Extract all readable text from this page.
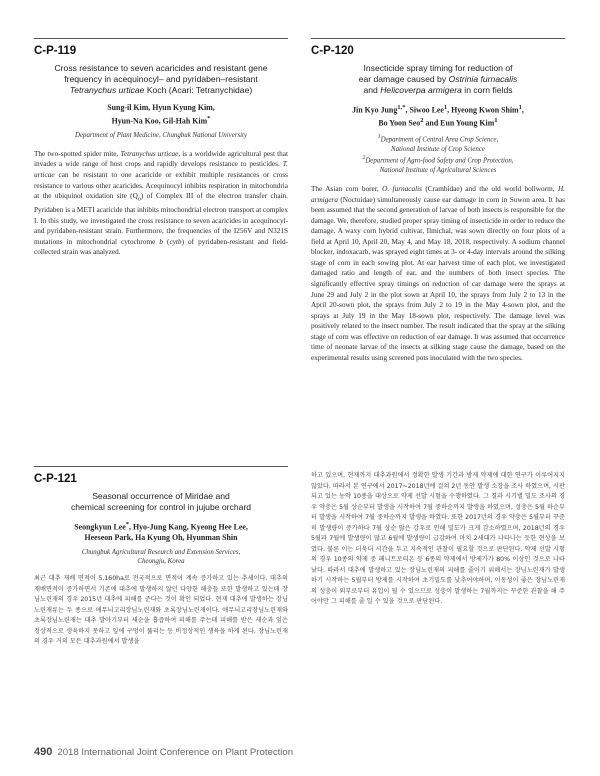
C-P-119
Cross resistance to seven acaricides and resistant gene
frequency in acequinocyl– and pyridaben–resistant
Tetranychus urticae Koch (Acari: Tetranychidae)
Sung-il Kim, Hyun Kyung Kim,
Hyun-Na Koo, Gil-Hah Kim*
Department of Plant Medicine, Chungbuk National University
The two-spotted spider mite, Tetranychus urticae, is a worldwide agricultural pest that invades a wide range of host crops and rapidly develops resistance to pesticides. T. urticae can be resistant to one acaricide or exhibit multiple resistances or cross resistance to various other acaricides. Acequinocyl inhibits respiration in mitochondria at the ubiquinol oxidation site $(Q_o)$ of Complex III of the electron transfer chain. Pyridaben is a METI acaricide that inhibits mitochondrial electron transport at complex I. In this study, we investigated the cross resistance to seven acaricides in acequinocyl- and pyridaben-resistant strain. Furthermore, the frequencies of the I256V and N321S mutations in mitochondrial cytochrome b (cytb) of pyridaben-resistant and field-collected strain was analyzed.
C-P-120
Insecticide spray timing for reduction of
ear damage caused by Ostrinia furnacalis
and Helicoverpa armigera in corn fields
Jin Kyo Jung$^{1,*}$, Siwoo Lee$^1$, Hyeong Kwon Shim$^1$,
Bo Yoon Seo$^2$ and Eun Young Kim$^1$
$^1$Department of Central Area Crop Science,
National Institute of Crop Science
$^2$Department of Agro-food Safety and Crop Protection,
National Institute of Agricultural Sciences
The Asian corn borer, O. furnacalis (Crambidae) and the old world bollworm, H. armigera (Noctuidae) simultaneously cause ear damage in corn in Suwon area. It has been assumed that the second generation of larvae of both insects is responsible for the damage. We, therefore, studied proper spray timing of insecticide in order to reduce the damage. A waxy corn hybrid cultivar, Ilmichal, was sown directly on four plots of a field at April 10, April 20, May 4, and May 18, 2018, respectively. A sodium channel blocker, indoxacarb, was sprayed eight times at 3- or 4-day intervals around the silking stage of corn in each sowing plot. At ear harvest time of each plot, we investigated damaged ratio and length of ear, and the numbers of both insect species. The significantly effective spray timings on reduction of car damage were the sprays at June 29 and July 2 in the plot sown at April 10, the sprays from July 2 to 13 in the April 20-sown plot, the sprays from July 2 to 19 in the May 4-sown plot, and the sprays at July 19 in the May 18-sown plot, respectively. The damage level was positively related to the insect number. The result indicated that the spray at the silking stage of corn was effective on reduction of ear damage. It was assumed that occurrence time of neonate larvae of the insects at silking stage cause the damage, based on the experimental results using screened pots inoculated with the two species.
C-P-121
Seasonal occurrence of Miridae and
chemical screening for control in jujube orchard
Seongkyun Lee*, Hyo-Jung Kang, Kyeong Hee Lee,
Heeseon Park, Ha Kyung Oh, Hyunman Shin
Chungbuk Agricultural Research and Extension Services,
Cheongju, Korea
최근 대추 재배 면적이 5,160ha로 전국적으로 면적이 계속 증가하고 있는 추세이다. 대추의 재배면적이 증가하면서 기존에 대추에 발생하지 않던 다양한 해충들 또한 발생하고 있는데 장님노린재의 경우 2015년 대추에 피해를 준다는 것이 확인 되었다. 현재 대추에 발생하는 장님노린재류는 두 종으로 애무늬고리장님노린재와 초록장님노린재이다. 애무늬고리장님노린재와 초록장님노린재는 대추 발아기부터 새순을 흡즙하여 피해를 주는데 피해를 받은 새순과 잎은 정상적으로 생육하지 못하고 잎에 구멍이 뚫리는 등 비정상적인 생육을 하게 된다. 장님노린재의 경우 거의 모든 대추과원에서 발생을
하고 있으며, 현재까지 대추과원에서 정확한 발생 기간과 방제 약제에 대한 연구가 이루어지지 않았다. 따라서 본 연구에서 2017~2018년에 걸쳐 2년 동안 발생 소장을 조사 하였으며, 시판되고 있는 농약 10종을 대상으로 약제 선발 시험을 수행하였다. 그 결과 시기별 밀도 조사의 경우 약충은 5월 상순부터 발생을 시작하여 7월 중하순까지 발생을 하였으며, 성충은 5월 하순부터 발생을 시작하여 7월 중하순까지 발생을 하였다. 또한 2017년의 경우 약충은 5월부터 꾸준히 발생량이 증가하다 7월 상순 많은 강우로 인해 밀도가 크게 감소하였으며, 2018년의 경우 5월과 7월에 발생량이 많고 6월에 발생량이 급감하여 마치 2세대가 나타나는 듯한 현상을 보였다. 불론 이는 더욱더 시간을 두고 지속적인 관찰이 필요할 것으로 판단된다. 약제 선발 시험의 경우 10종의 약제 중 페니트로티온 등 6종의 약제에서 방제가가 80% 이상인 것으로 나타났다. 따라서 대추에 발생하고 있는 장님노린재의 피해를 줄이기 위해서는 장님노린재가 발생하기 시작하는 5월부터 방제를 시작하여 초기밀도를 낮추어야하며, 이동성이 좋은 장님노린재의 성충이 외부로부터 유입이 될 수 있으므로 성충이 발생하는 7월까지는 꾸준한 관찰을 해 주어야만 그 피해를 줄 일 수 있을 것으로 판단된다.
490 2018 International Joint Conference on Plant Protection
